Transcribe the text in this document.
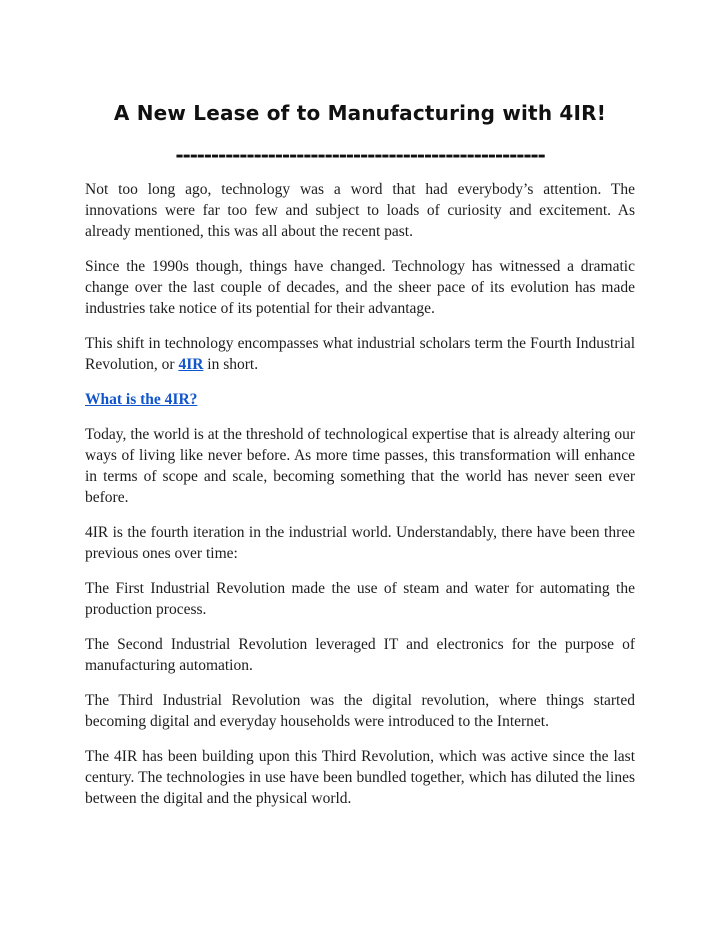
A New Lease of to Manufacturing with 4IR!
----------------------------------------------------

Not too long ago, technology was a word that had everybody’s attention. The innovations were far too few and subject to loads of curiosity and excitement. As already mentioned, this was all about the recent past.

Since the 1990s though, things have changed. Technology has witnessed a dramatic change over the last couple of decades, and the sheer pace of its evolution has made industries take notice of its potential for their advantage.

This shift in technology encompasses what industrial scholars term the Fourth Industrial Revolution, or 4IR in short.

What is the 4IR?

Today, the world is at the threshold of technological expertise that is already altering our ways of living like never before. As more time passes, this transformation will enhance in terms of scope and scale, becoming something that the world has never seen ever before.

4IR is the fourth iteration in the industrial world. Understandably, there have been three previous ones over time:

The First Industrial Revolution made the use of steam and water for automating the production process.

The Second Industrial Revolution leveraged IT and electronics for the purpose of manufacturing automation.

The Third Industrial Revolution was the digital revolution, where things started becoming digital and everyday households were introduced to the Internet.

The 4IR has been building upon this Third Revolution, which was active since the last century. The technologies in use have been bundled together, which has diluted the lines between the digital and the physical world.
